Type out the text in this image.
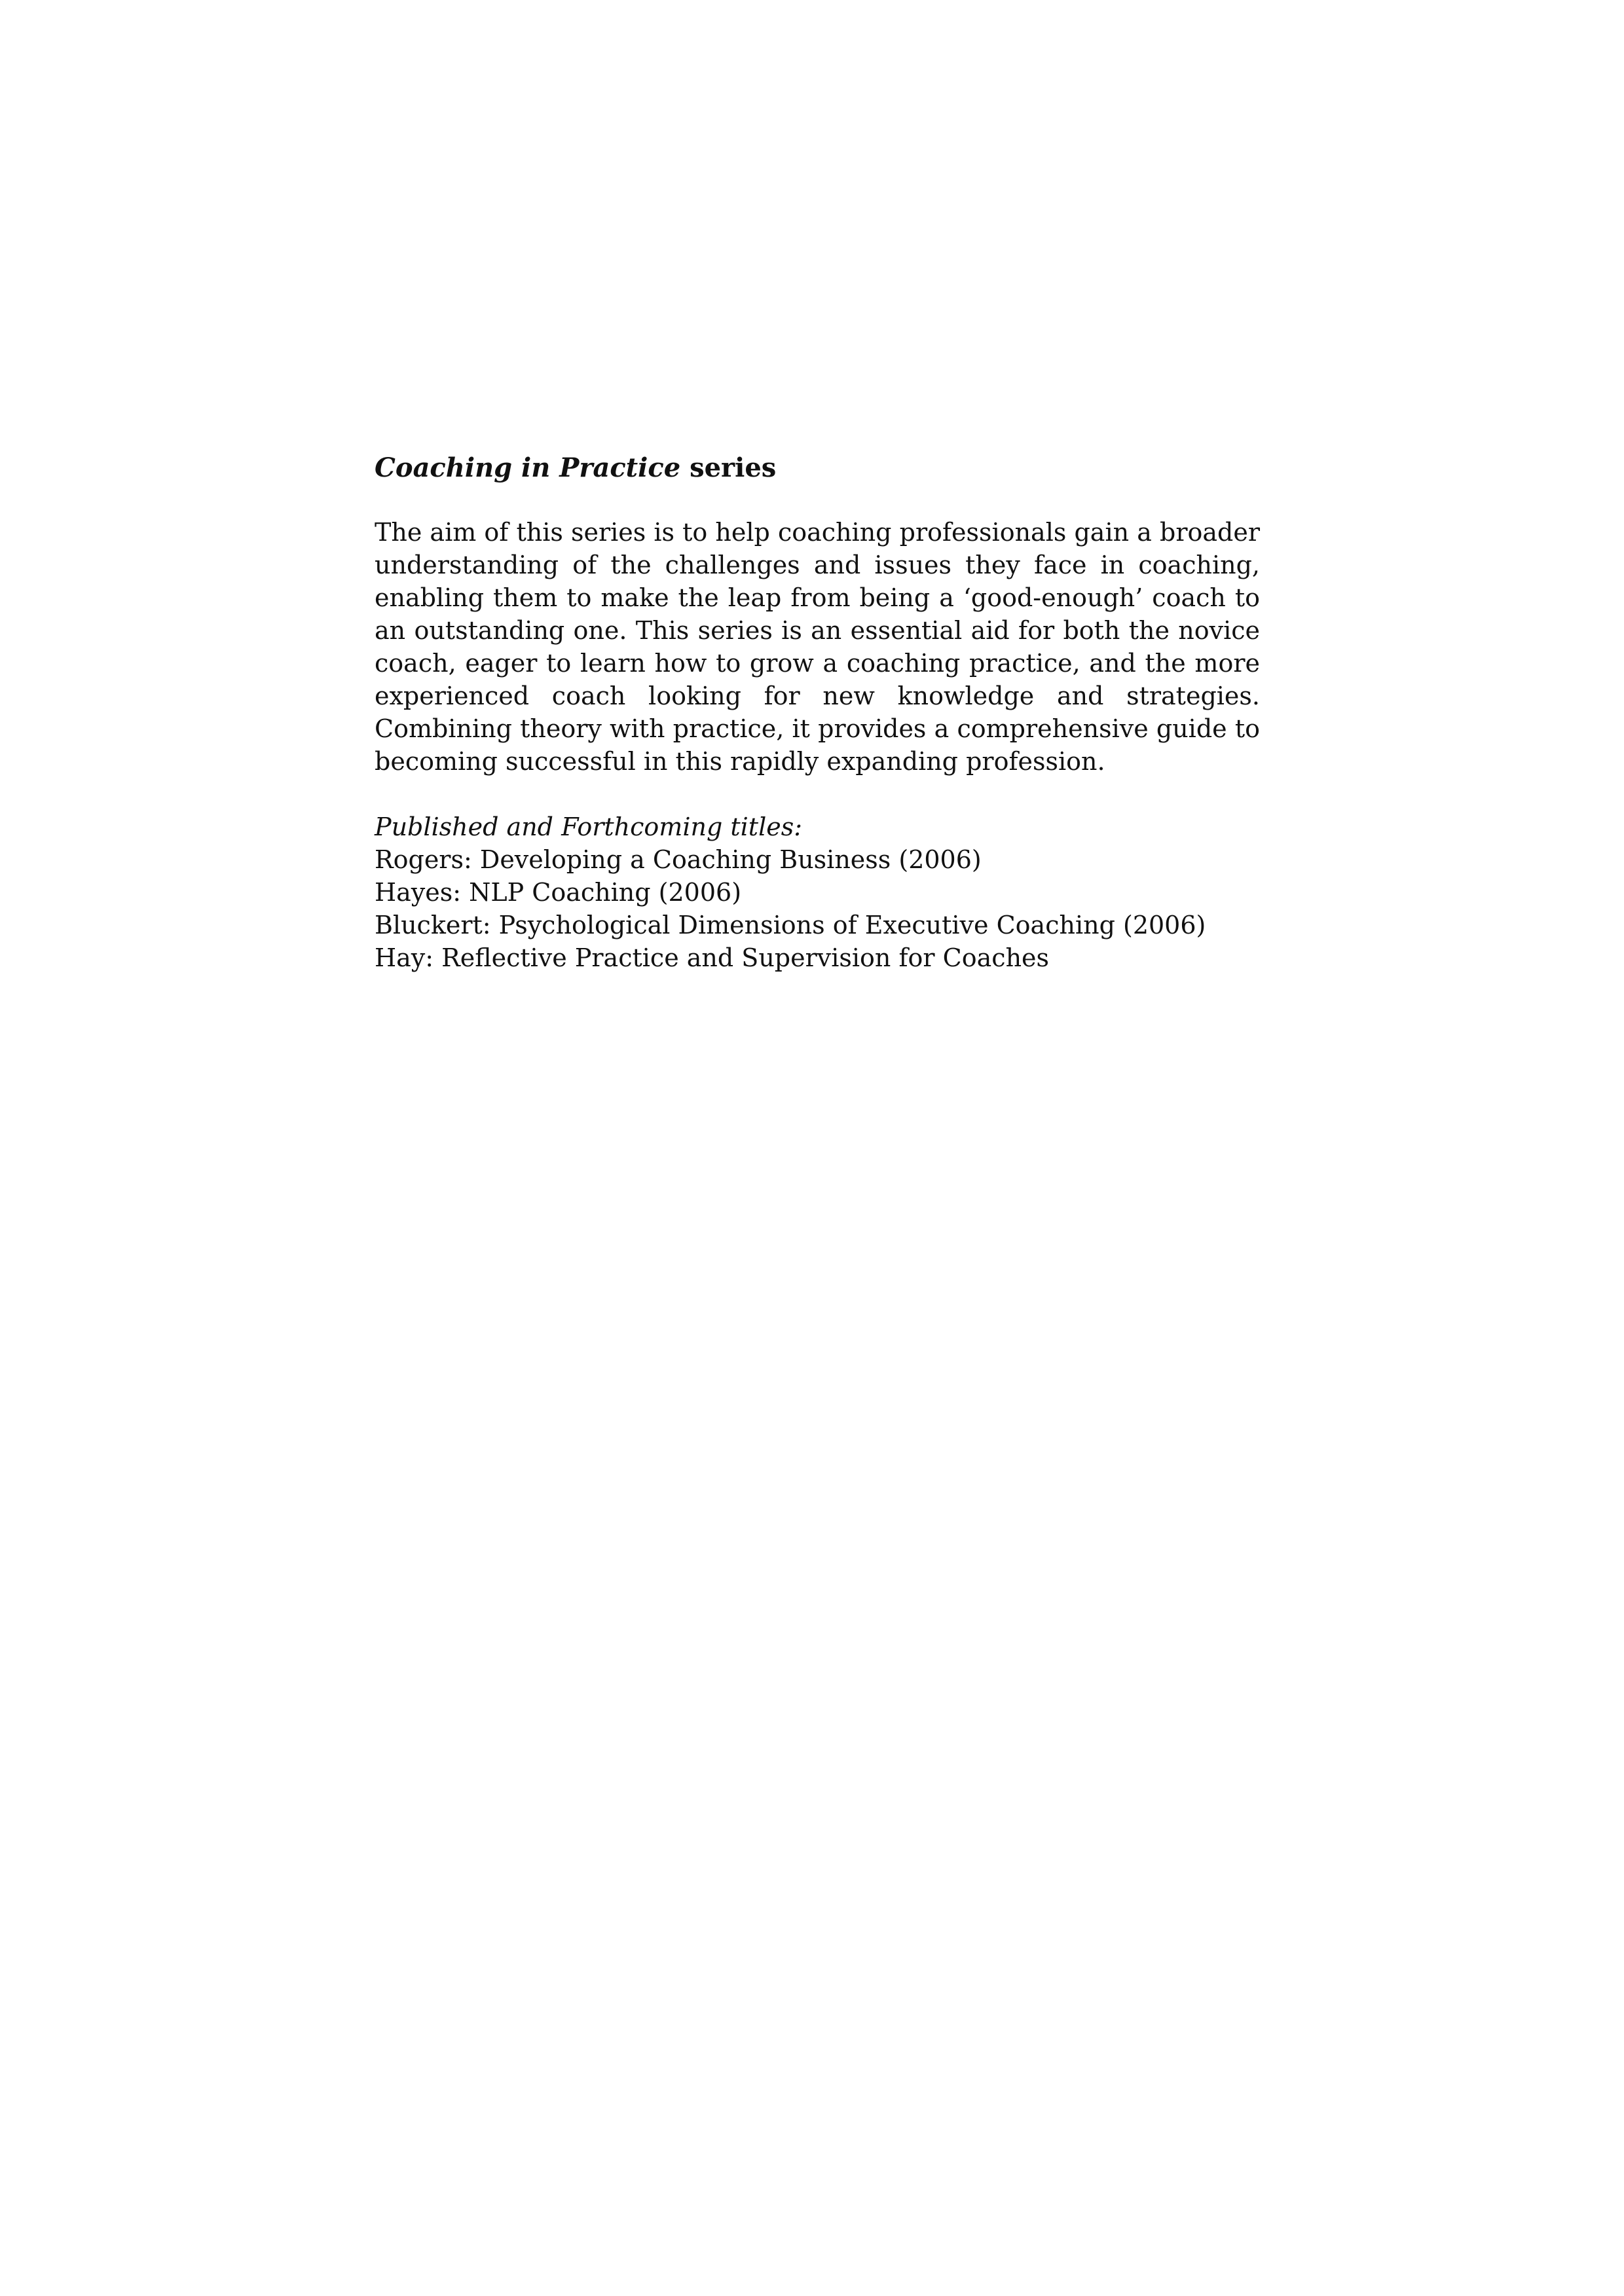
Coaching in Practice series

The aim of this series is to help coaching professionals gain a broader understanding of the challenges and issues they face in coaching, enabling them to make the leap from being a ‘good-enough’ coach to an outstanding one. This series is an essential aid for both the novice coach, eager to learn how to grow a coaching practice, and the more experienced coach looking for new knowledge and strategies. Combining theory with practice, it provides a comprehensive guide to becoming successful in this rapidly expanding profession.

Published and Forthcoming titles:

Rogers: Developing a Coaching Business (2006)
Hayes: NLP Coaching (2006)
Bluckert: Psychological Dimensions of Executive Coaching (2006)
Hay: Reflective Practice and Supervision for Coaches
